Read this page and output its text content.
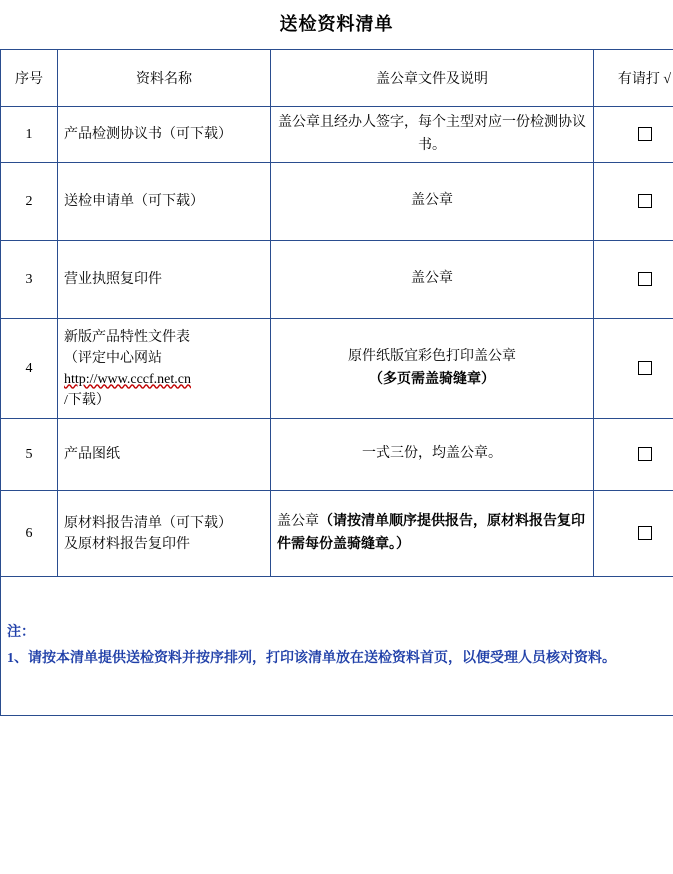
送检资料清单
序号	资料名称	盖公章文件及说明	有请打 √
1	产品检测协议书（可下载）	盖公章且经办人签字，每个主型对应一份检测协议书。	
2	送检申请单（可下载）	盖公章	
3	营业执照复印件	盖公章	
4	新版产品特性文件表
（评定中心网站
http://www.cccf.net.cn
/下载）	原件纸版宜彩色打印盖公章
（多页需盖骑缝章）	

5	产品图纸	一式三份，均盖公章。	
6	原材料报告清单（可下载）
及原材料报告复印件	盖公章（请按清单顺序提供报告，原材料报告复印件需每份盖骑缝章。）	

注：
1、请按本清单提供送检资料并按序排列，打印该清单放在送检资料首页，以便受理人员核对资料。			
